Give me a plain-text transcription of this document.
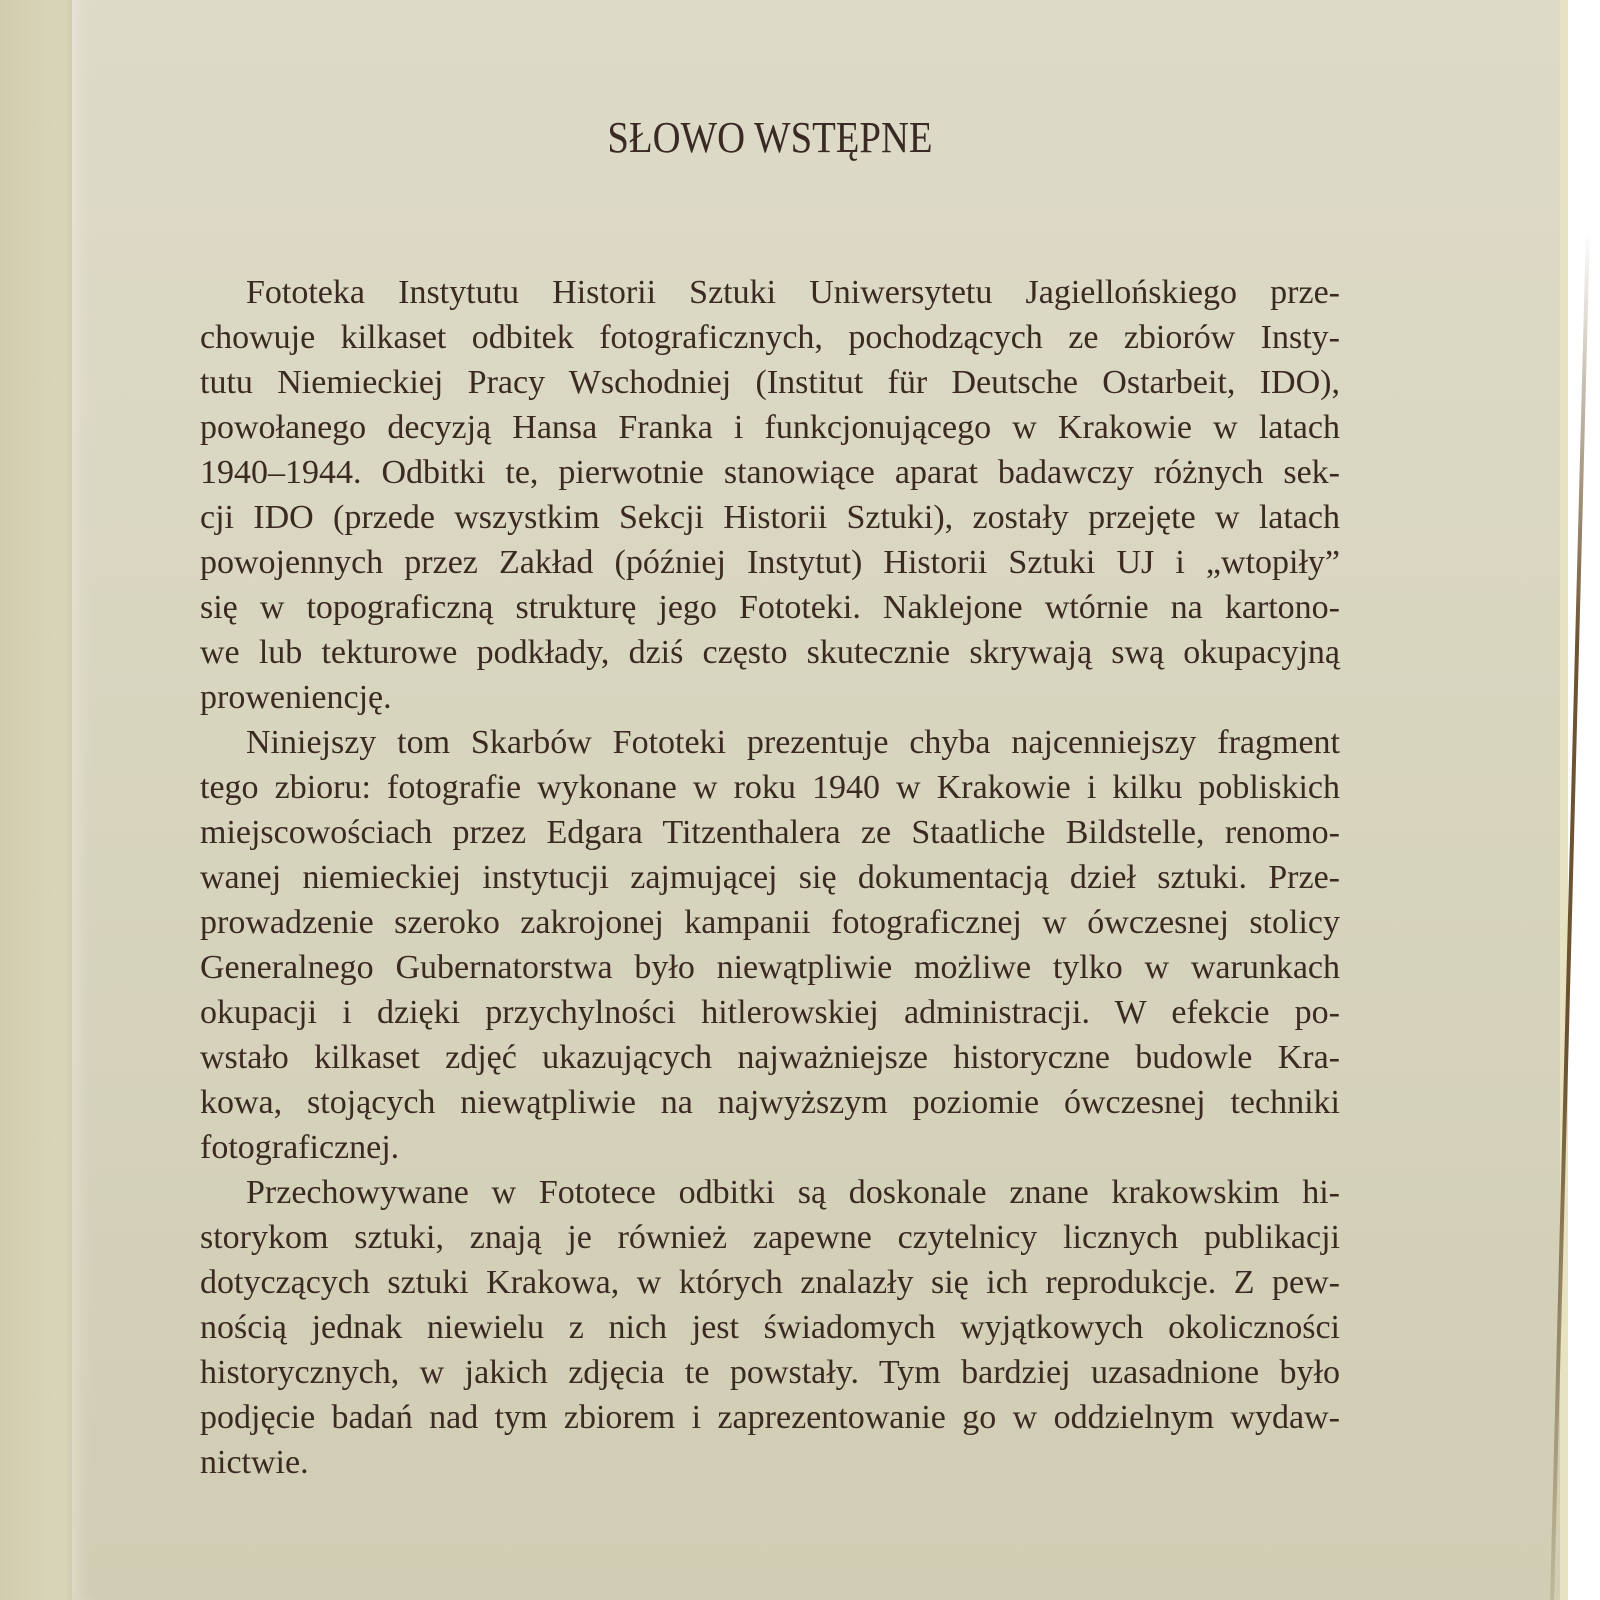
SŁOWO WSTĘPNE
Fototeka Instytutu Historii Sztuki Uniwersytetu Jagiellońskiego prze-
chowuje kilkaset odbitek fotograficznych, pochodzących ze zbiorów Insty-
tutu Niemieckiej Pracy Wschodniej (Institut für Deutsche Ostarbeit, IDO),
powołanego decyzją Hansa Franka i funkcjonującego w Krakowie w latach
1940–1944. Odbitki te, pierwotnie stanowiące aparat badawczy różnych sek-
cji IDO (przede wszystkim Sekcji Historii Sztuki), zostały przejęte w latach
powojennych przez Zakład (później Instytut) Historii Sztuki UJ i „wtopiły”
się w topograficzną strukturę jego Fototeki. Naklejone wtórnie na kartono-
we lub tekturowe podkłady, dziś często skutecznie skrywają swą okupacyjną
proweniencję.
Niniejszy tom Skarbów Fototeki prezentuje chyba najcenniejszy fragment
tego zbioru: fotografie wykonane w roku 1940 w Krakowie i kilku pobliskich
miejscowościach przez Edgara Titzenthalera ze Staatliche Bildstelle, renomo-
wanej niemieckiej instytucji zajmującej się dokumentacją dzieł sztuki. Prze-
prowadzenie szeroko zakrojonej kampanii fotograficznej w ówczesnej stolicy
Generalnego Gubernatorstwa było niewątpliwie możliwe tylko w warunkach
okupacji i dzięki przychylności hitlerowskiej administracji. W efekcie po-
wstało kilkaset zdjęć ukazujących najważniejsze historyczne budowle Kra-
kowa, stojących niewątpliwie na najwyższym poziomie ówczesnej techniki
fotograficznej.
Przechowywane w Fototece odbitki są doskonale znane krakowskim hi-
storykom sztuki, znają je również zapewne czytelnicy licznych publikacji
dotyczących sztuki Krakowa, w których znalazły się ich reprodukcje. Z pew-
nością jednak niewielu z nich jest świadomych wyjątkowych okoliczności
historycznych, w jakich zdjęcia te powstały. Tym bardziej uzasadnione było
podjęcie badań nad tym zbiorem i zaprezentowanie go w oddzielnym wydaw-
nictwie.
